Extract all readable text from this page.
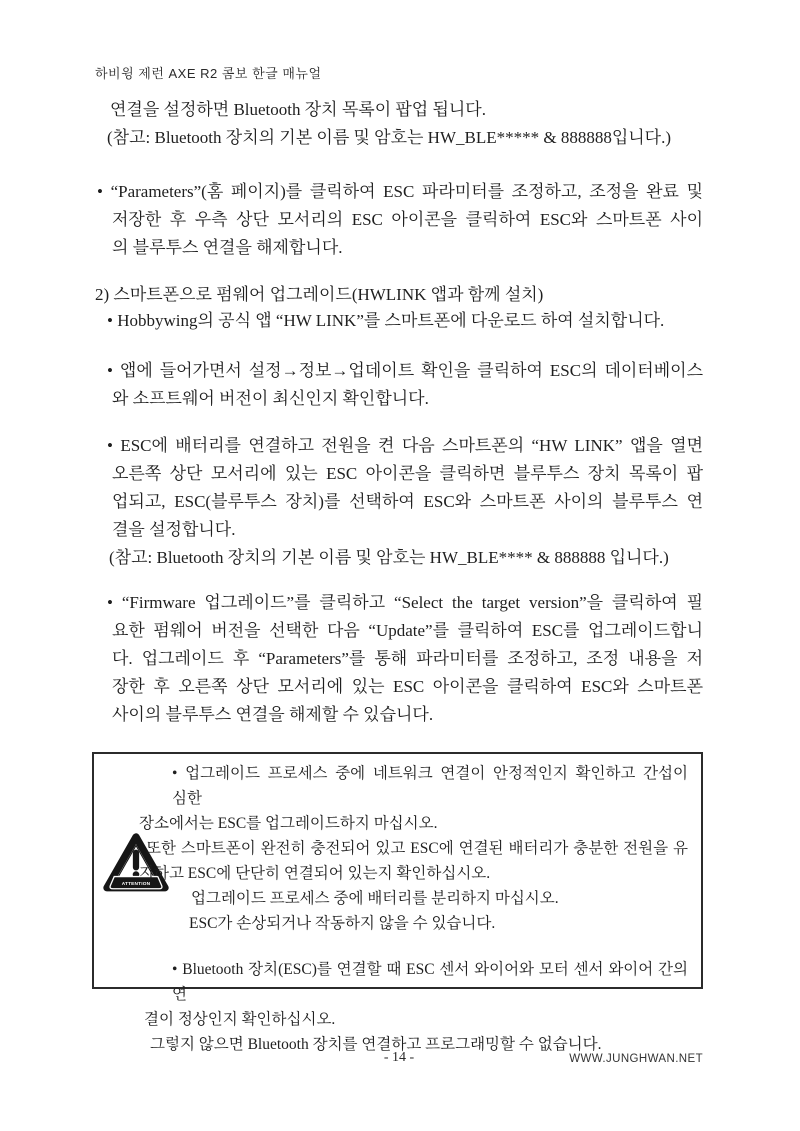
하비윙 제런 AXE R2 콤보 한글 매뉴얼
연결을 설정하면 Bluetooth 장치 목록이 팝업 됩니다.
(참고: Bluetooth 장치의 기본 이름 및 암호는 HW_BLE***** & 888888입니다.)
• “Parameters”(홈 페이지)를 클릭하여 ESC 파라미터를 조정하고, 조정을 완료 및
저장한 후 우측 상단 모서리의 ESC 아이콘을 클릭하여 ESC와 스마트폰 사이
의 블루투스 연결을 해제합니다.
2) 스마트폰으로 펌웨어 업그레이드(HWLINK 앱과 함께 설치)
• Hobbywing의 공식 앱 “HW LINK”를 스마트폰에 다운로드 하여 설치합니다.
• 앱에 들어가면서 설정→정보→업데이트 확인을 클릭하여 ESC의 데이터베이스
와 소프트웨어 버전이 최신인지 확인합니다.
• ESC에 배터리를 연결하고 전원을 켠 다음 스마트폰의 “HW LINK” 앱을 열면
오른쪽 상단 모서리에 있는 ESC 아이콘을 클릭하면 블루투스 장치 목록이 팝
업되고, ESC(블루투스 장치)를 선택하여 ESC와 스마트폰 사이의 블루투스 연
결을 설정합니다.
(참고: Bluetooth 장치의 기본 이름 및 암호는 HW_BLE**** & 888888 입니다.)
• “Firmware 업그레이드”를 클릭하고 “Select the target version”을 클릭하여 필
요한 펌웨어 버전을 선택한 다음 “Update”를 클릭하여 ESC를 업그레이드합니
다. 업그레이드 후 “Parameters”를 통해 파라미터를 조정하고, 조정 내용을 저
장한 후 오른쪽 상단 모서리에 있는 ESC 아이콘을 클릭하여 ESC와 스마트폰
사이의 블루투스 연결을 해제할 수 있습니다.
ATTENTION
• 업그레이드 프로세스 중에 네트워크 연결이 안정적인지 확인하고 간섭이 심한
장소에서는 ESC를 업그레이드하지 마십시오.
또한 스마트폰이 완전히 충전되어 있고 ESC에 연결된 배터리가 충분한 전원을 유
지하고 ESC에 단단히 연결되어 있는지 확인하십시오.
업그레이드 프로세스 중에 배터리를 분리하지 마십시오.
ESC가 손상되거나 작동하지 않을 수 있습니다.
• Bluetooth 장치(ESC)를 연결할 때 ESC 센서 와이어와 모터 센서 와이어 간의 연
결이 정상인지 확인하십시오.
그렇지 않으면 Bluetooth 장치를 연결하고 프로그래밍할 수 없습니다.
- 14 -	WWW.JUNGHWAN.NET
